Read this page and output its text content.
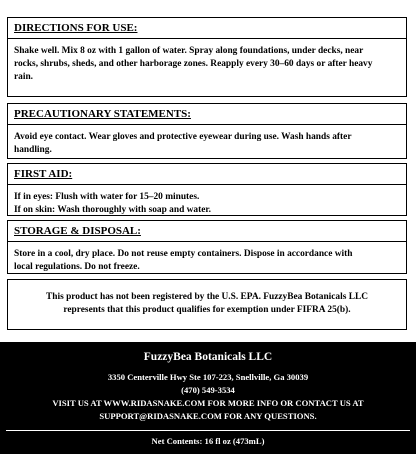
DIRECTIONS FOR USE:
Shake well. Mix 8 oz with 1 gallon of water. Spray along foundations, under decks, near
rocks, shrubs, sheds, and other harborage zones. Reapply every 30–60 days or after heavy
rain.
PRECAUTIONARY STATEMENTS:
Avoid eye contact. Wear gloves and protective eyewear during use. Wash hands after
handling.
FIRST AID:
If in eyes: Flush with water for 15–20 minutes.
If on skin: Wash thoroughly with soap and water.
STORAGE & DISPOSAL:
Store in a cool, dry place. Do not reuse empty containers. Dispose in accordance with
local regulations. Do not freeze.
This product has not been registered by the U.S. EPA. FuzzyBea Botanicals LLC
represents that this product qualifies for exemption under FIFRA 25(b).
FuzzyBea Botanicals LLC
3350 Centerville Hwy Ste 107-223, Snellville, Ga 30039
(470) 549-3534
VISIT US AT WWW.RIDASNAKE.COM FOR MORE INFO OR CONTACT US AT
SUPPORT@RIDASNAKE.COM FOR ANY QUESTIONS.
Net Contents: 16 fl oz (473mL)
